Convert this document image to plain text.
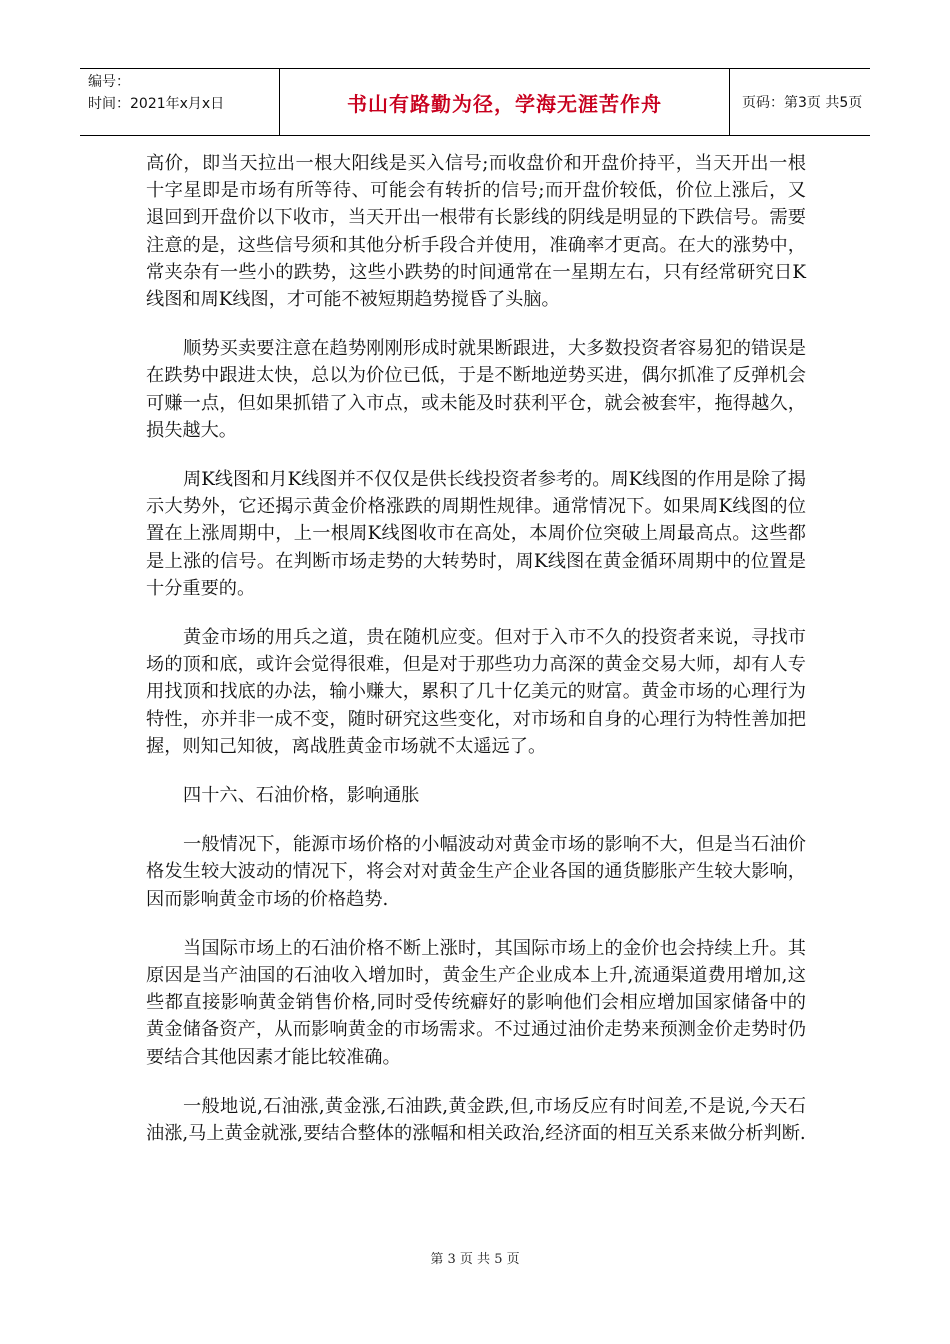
编号：
时间：2021年x月x日	书山有路勤为径，学海无涯苦作舟	页码：第3页 共5页

高价，即当天拉出一根大阳线是买入信号;而收盘价和开盘价持平，当天开出一根十字星即是市场有所等待、可能会有转折的信号;而开盘价较低，价位上涨后，又退回到开盘价以下收市，当天开出一根带有长影线的阴线是明显的下跌信号。需要注意的是，这些信号须和其他分析手段合并使用，准确率才更高。在大的涨势中，常夹杂有一些小的跌势，这些小跌势的时间通常在一星期左右，只有经常研究日K线图和周K线图，才可能不被短期趋势搅昏了头脑。

顺势买卖要注意在趋势刚刚形成时就果断跟进，大多数投资者容易犯的错误是在跌势中跟进太快，总以为价位已低，于是不断地逆势买进，偶尔抓准了反弹机会可赚一点，但如果抓错了入市点，或未能及时获利平仓，就会被套牢，拖得越久，损失越大。

周K线图和月K线图并不仅仅是供长线投资者参考的。周K线图的作用是除了揭示大势外，它还揭示黄金价格涨跌的周期性规律。通常情况下。如果周K线图的位置在上涨周期中，上一根周K线图收市在高处，本周价位突破上周最高点。这些都是上涨的信号。在判断市场走势的大转势时，周K线图在黄金循环周期中的位置是十分重要的。

黄金市场的用兵之道，贵在随机应变。但对于入市不久的投资者来说，寻找市场的顶和底，或许会觉得很难，但是对于那些功力高深的黄金交易大师，却有人专用找顶和找底的办法，输小赚大，累积了几十亿美元的财富。黄金市场的心理行为特性，亦并非一成不变，随时研究这些变化，对市场和自身的心理行为特性善加把握，则知己知彼，离战胜黄金市场就不太遥远了。

四十六、石油价格，影响通胀

一般情况下，能源市场价格的小幅波动对黄金市场的影响不大，但是当石油价格发生较大波动的情况下，将会对对黄金生产企业各国的通货膨胀产生较大影响，因而影响黄金市场的价格趋势.

当国际市场上的石油价格不断上涨时，其国际市场上的金价也会持续上升。其原因是当产油国的石油收入增加时，黄金生产企业成本上升,流通渠道费用增加,这些都直接影响黄金销售价格,同时受传统癖好的影响他们会相应增加国家储备中的黄金储备资产，从而影响黄金的市场需求。不过通过油价走势来预测金价走势时仍要结合其他因素才能比较准确。

一般地说,石油涨,黄金涨,石油跌,黄金跌,但,市场反应有时间差,不是说,今天石油涨,马上黄金就涨,要结合整体的涨幅和相关政治,经济面的相互关系来做分析判断.

第 3 页 共 5 页
